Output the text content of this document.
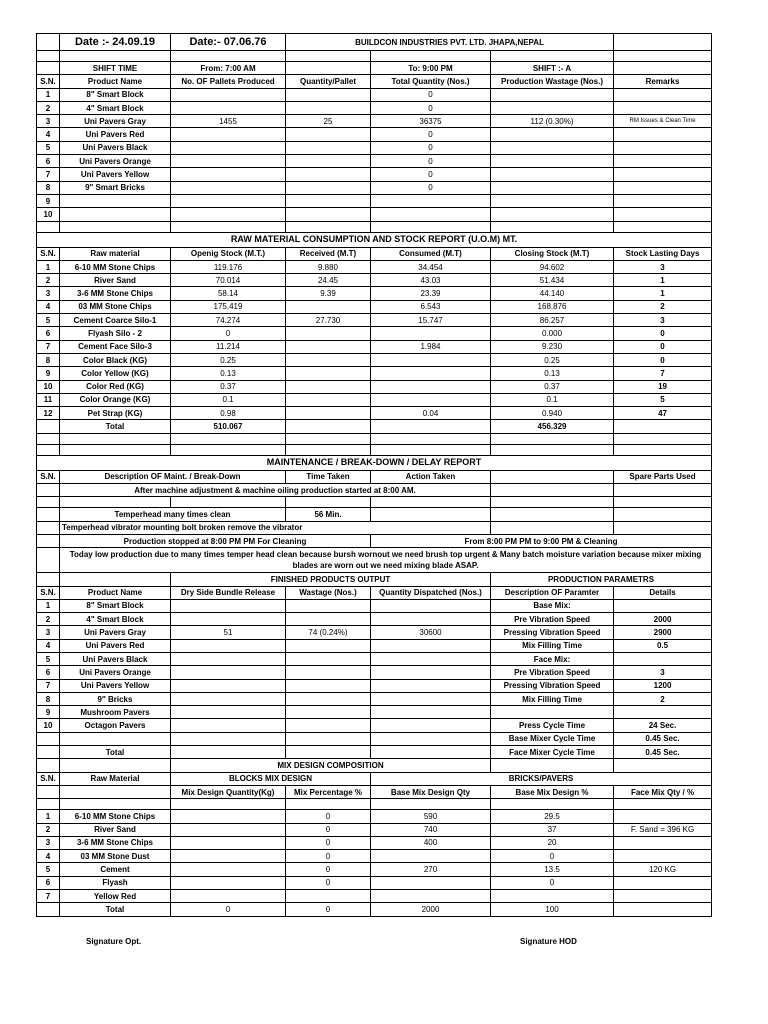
	Date :- 24.09.19	Date:- 07.06.76	BUILDCON INDUSTRIES PVT. LTD. JHAPA,NEPAL			

	SHIFT TIME	From: 7:00 AM		To: 9:00 PM	SHIFT :- A	
S.N.	Product Name	No. OF Pallets Produced	Quantity/Pallet	Total Quantity (Nos.)	Production Wastage (Nos.)	Remarks
1	8" Smart Block			0		
2	4" Smart Block			0		
3	Uni Pavers Gray	1455	25	36375	112 (0.30%)	RM Issues & Clean Time
4	Uni Pavers Red			0		
5	Uni Pavers Black			0		
6	Uni Pavers Orange			0		
7	Uni Pavers Yellow			0		
8	9" Smart Bricks			0		
9						
10						

RAW MATERIAL CONSUMPTION AND STOCK REPORT (U.O.M) MT.						
S.N.	Raw material	Openig Stock (M.T.)	Received (M.T)	Consumed (M.T)	Closing Stock (M.T)	Stock Lasting Days
1	6-10 MM Stone Chips	119.176	9.880	34.454	94.602	3
2	River Sand	70.014	24.45	43.03	51.434	1
3	3-6 MM Stone Chips	58.14	9.39	23.39	44.140	1
4	03 MM Stone Chips	175.419		6.543	168.876	2
5	Cement Coarce Silo-1	74.274	27.730	15.747	86.257	3
6	Flyash Silo - 2	0			0.000	0
7	Cement Face Silo-3	11.214		1.984	9.230	0
8	Color Black (KG)	0.25			0.25	0
9	Color Yellow (KG)	0.13			0.13	7
10	Color Red (KG)	0.37			0.37	19
11	Color Orange (KG)	0.1			0.1	5
12	Pet Strap (KG)	0.98		0.04	0.940	47
	Total	510.067			456.329	

MAINTENANCE / BREAK-DOWN / DELAY REPORT						
S.N.	Description OF Maint. / Break-Down		Time Taken	Action Taken		Spare Parts Used
	After machine adjustment & machine oiling production started at 8:00 AM.					

	Temperhead many times clean		56 Min.			
	Temperhead vibrator mounting bolt broken remove the vibrator					
	Production stopped at 8:00 PM PM For Cleaning			From 8:00 PM PM to 9:00 PM & Cleaning		
	Today low production due to many times temper head clean because bursh wornout we need brush top urgent & Many batch moisture variation because mixer mixing blades are worn out we need mixing blade ASAP.					
		FINISHED PRODUCTS OUTPUT			PRODUCTION PARAMETRS	
S.N.	Product Name	Dry Side Bundle Release	Wastage (Nos.)	Quantity Dispatched (Nos.)	Description OF Paramter	Details
1	8" Smart Block				Base Mix:	
2	4" Smart Block				Pre Vibration Speed	2000
3	Uni Pavers Gray	51	74 (0.24%)	30600	Pressing Vibration Speed	2900
4	Uni Pavers Red				Mix Filling Time	0.5
5	Uni Pavers Black				Face Mix:	
6	Uni Pavers Orange				Pre Vibration Speed	3
7	Uni Pavers Yellow				Pressing Vibration Speed	1200
8	9" Bricks				Mix Filling Time	2
9	Mushroom Pavers					
10	Octagon Pavers				Press Cycle Time	24 Sec.
					Base Mixer Cycle Time	0.45 Sec.
	Total				Face Mixer Cycle Time	0.45 Sec.
		MIX DESIGN COMPOSITION				
S.N.	Raw Material	BLOCKS MIX DESIGN		BRICKS/PAVERS		
		Mix Design Quantity(Kg)	Mix Percentage %	Base Mix Design Qty	Base Mix Design %	Face Mix Qty / %

1	6-10 MM Stone Chips		0	590	29.5	
2	River Sand		0	740	37	F. Sand = 396 KG
3	3-6 MM Stone Chips		0	400	20	
4	03 MM Stone Dust		0		0	
5	Cement		0	270	13.5	120 KG
6	Flyash		0		0	
7	Yellow Red					
	Total	0	0	2000	100	
Signature Opt.	Signature HOD
